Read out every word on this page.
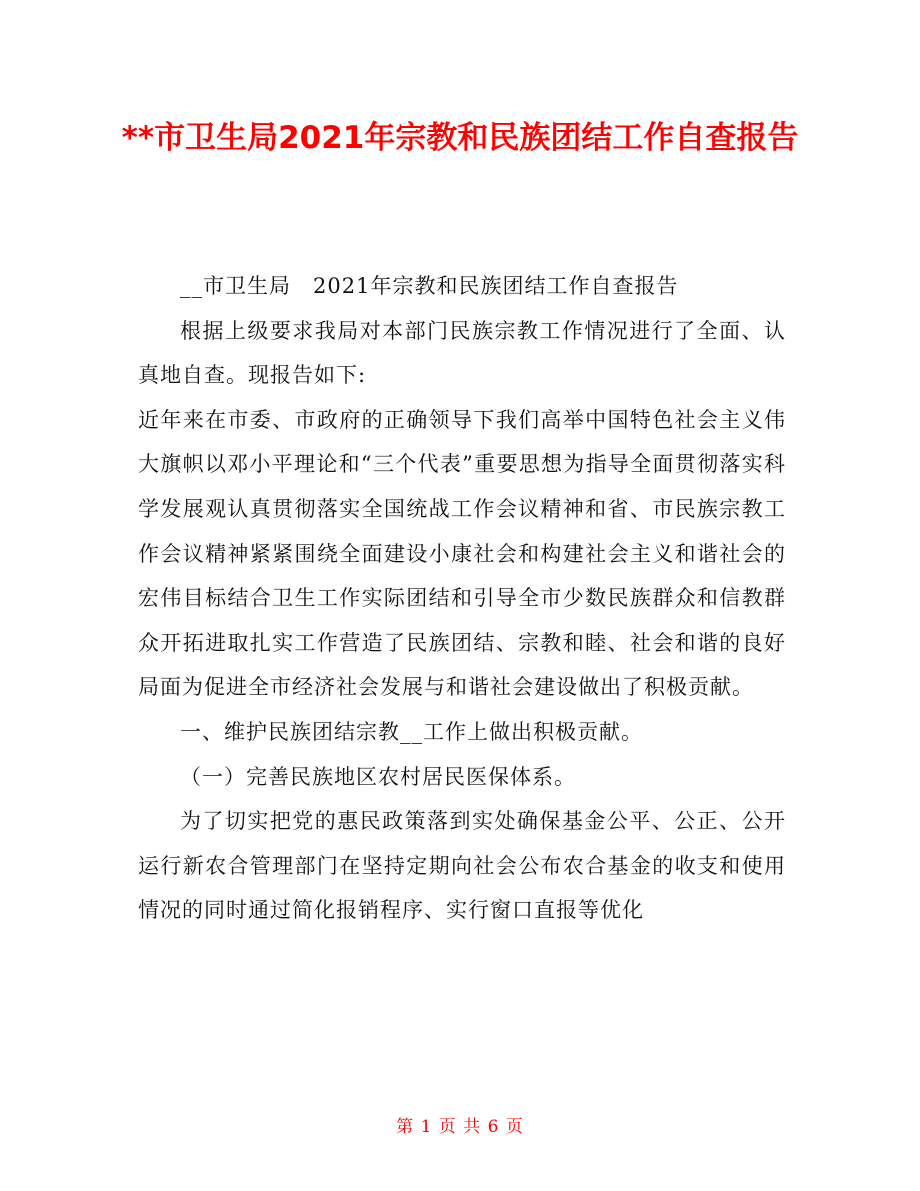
**市卫生局2021年宗教和民族团结工作自查报告

__市卫生局　2021年宗教和民族团结工作自查报告

根据上级要求我局对本部门民族宗教工作情况进行了全面、认真地自查。现报告如下:

近年来在市委、市政府的正确领导下我们高举中国特色社会主义伟大旗帜以邓小平理论和“三个代表”重要思想为指导全面贯彻落实科学发展观认真贯彻落实全国统战工作会议精神和省、市民族宗教工作会议精神紧紧围绕全面建设小康社会和构建社会主义和谐社会的宏伟目标结合卫生工作实际团结和引导全市少数民族群众和信教群众开拓进取扎实工作营造了民族团结、宗教和睦、社会和谐的良好局面为促进全市经济社会发展与和谐社会建设做出了积极贡献。

一、维护民族团结宗教__工作上做出积极贡献。

（一）完善民族地区农村居民医保体系。

为了切实把党的惠民政策落到实处确保基金公平、公正、公开运行新农合管理部门在坚持定期向社会公布农合基金的收支和使用情况的同时通过简化报销程序、实行窗口直报等优化

第 1 页 共 6 页
